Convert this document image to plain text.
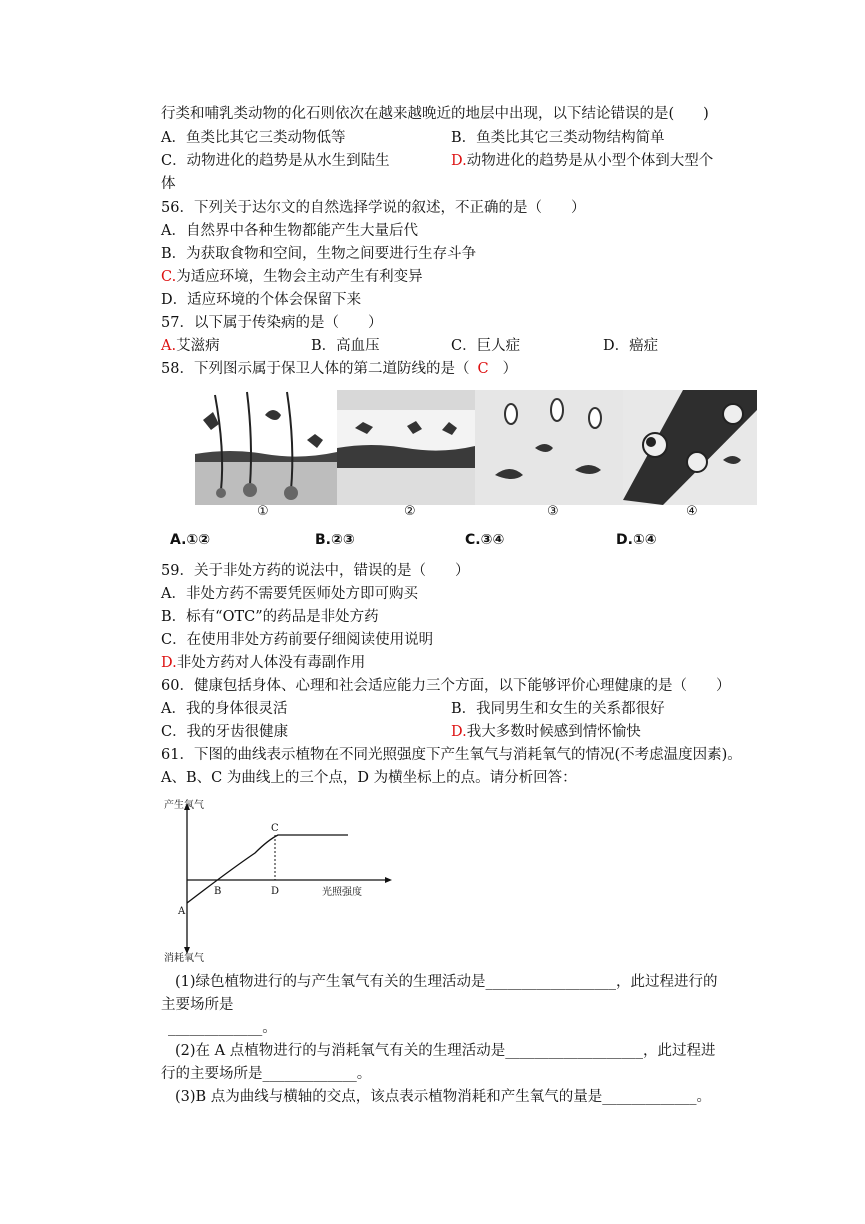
行类和哺乳类动物的化石则依次在越来越晚近的地层中出现，以下结论错误的是(　　)
A．鱼类比其它三类动物低等	B．鱼类比其它三类动物结构简单
C．动物进化的趋势是从水生到陆生	D.动物进化的趋势是从小型个体到大型个
体
56．下列关于达尔文的自然选择学说的叙述，不正确的是（　　）
A．自然界中各种生物都能产生大量后代
B．为获取食物和空间，生物之间要进行生存斗争
C.为适应环境，生物会主动产生有利变异
D．适应环境的个体会保留下来
57．以下属于传染病的是（　　）
A.艾滋病	B．高血压	C．巨人症	D．癌症
58．下列图示属于保卫人体的第二道防线的是（ C ）
①	②	③	④
A.①②	B.②③	C.③④	D.①④
59．关于非处方药的说法中，错误的是（　　）
A．非处方药不需要凭医师处方即可购买
B．标有“OTC”的药品是非处方药
C．在使用非处方药前要仔细阅读使用说明
D.非处方药对人体没有毒副作用
60．健康包括身体、心理和社会适应能力三个方面，以下能够评价心理健康的是（　　）
A．我的身体很灵活	B．我同男生和女生的关系都很好
C．我的牙齿很健康	D.我大多数时候感到情怀愉快
61．下图的曲线表示植物在不同光照强度下产生氧气与消耗氧气的情况(不考虑温度因素)。
A、B、C 为曲线上的三个点，D 为横坐标上的点。请分析回答：
产生氧气
消耗氧气
光照强度
A
B
C
D
(1)绿色植物进行的与产生氧气有关的生理活动是__________________，此过程进行的
主要场所是
_____________。
(2)在 A 点植物进行的与消耗氧气有关的生理活动是___________________，此过程进
行的主要场所是_____________。
(3)B 点为曲线与横轴的交点，该点表示植物消耗和产生氧气的量是_____________。
